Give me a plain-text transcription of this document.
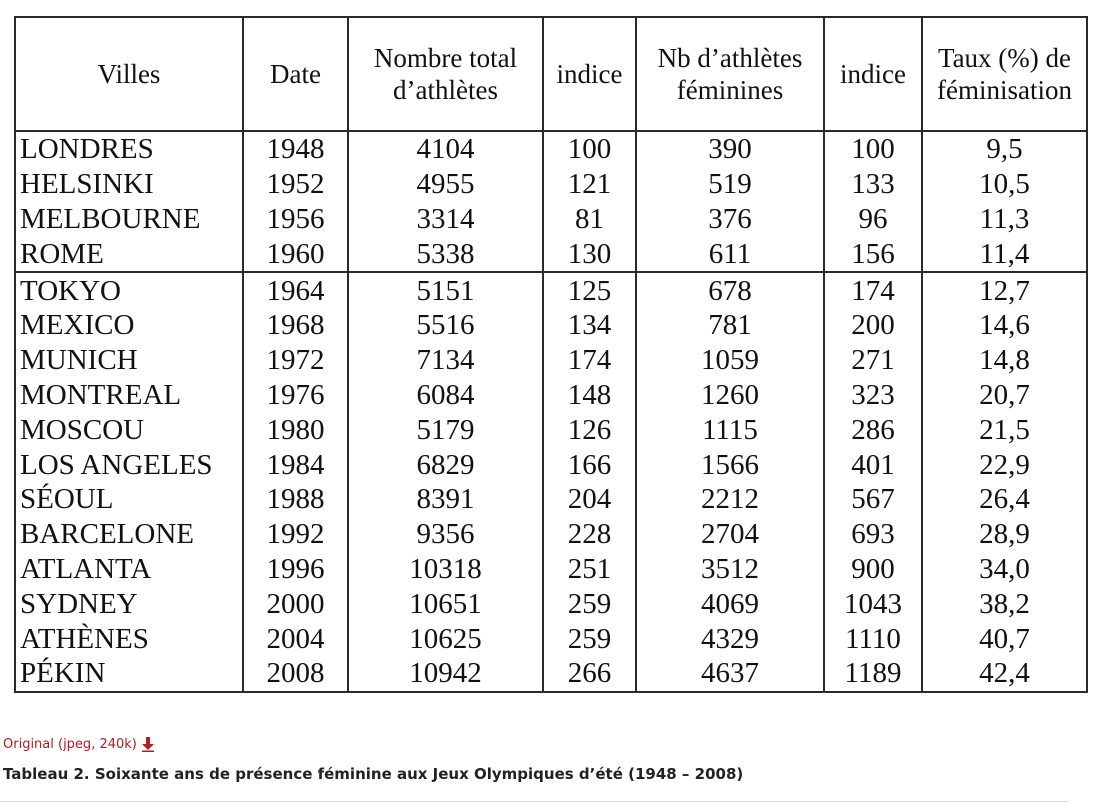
Villes	Date	Nombre total d’athlètes	indice	Nb d’athlètes féminines	indice	Taux (%) de féminisation
LONDRES	1948	4104	100	390	100	9,5
HELSINKI	1952	4955	121	519	133	10,5
MELBOURNE	1956	3314	81	376	96	11,3
ROME	1960	5338	130	611	156	11,4
TOKYO	1964	5151	125	678	174	12,7
MEXICO	1968	5516	134	781	200	14,6
MUNICH	1972	7134	174	1059	271	14,8
MONTREAL	1976	6084	148	1260	323	20,7
MOSCOU	1980	5179	126	1115	286	21,5
LOS ANGELES	1984	6829	166	1566	401	22,9
SÉOUL	1988	8391	204	2212	567	26,4
BARCELONE	1992	9356	228	2704	693	28,9
ATLANTA	1996	10318	251	3512	900	34,0
SYDNEY	2000	10651	259	4069	1043	38,2
ATHÈNES	2004	10625	259	4329	1110	40,7
PÉKIN	2008	10942	266	4637	1189	42,4
Original (jpeg, 240k)

Tableau 2. Soixante ans de présence féminine aux Jeux Olympiques d’été (1948 – 2008)
